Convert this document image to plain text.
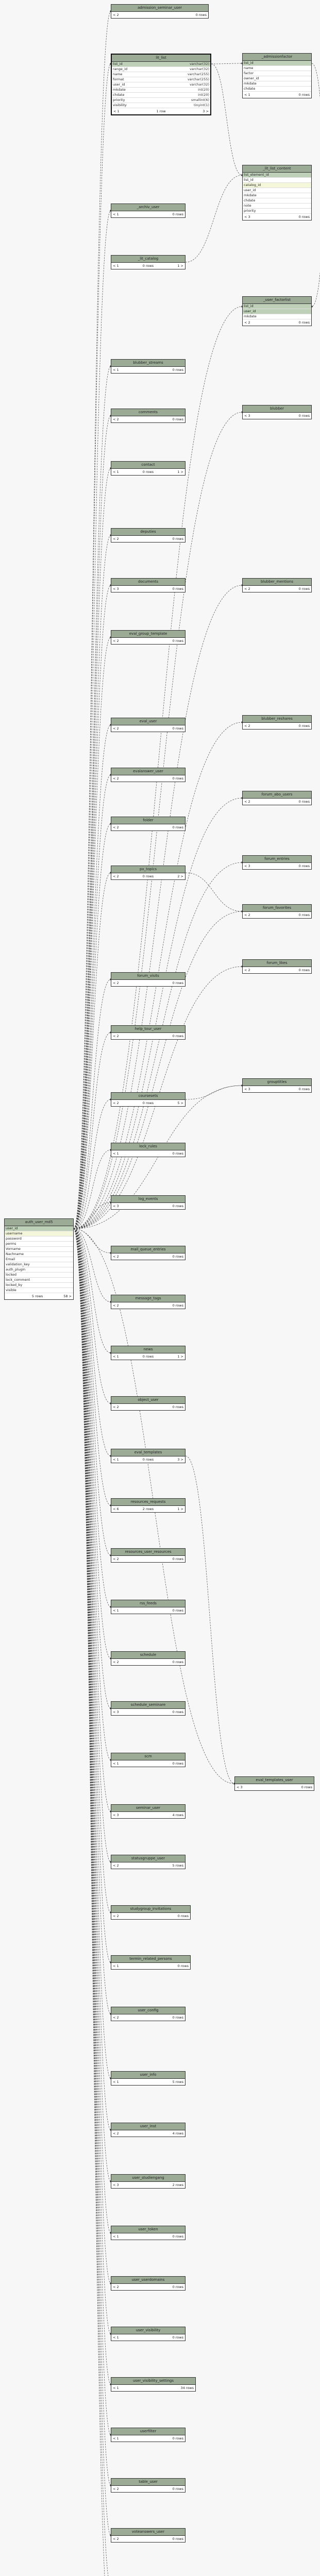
admission_seminar_user
< 2	0 rows
lit_list
list_id	varchar(32)
range_id	varchar(32)
name	varchar(255)
format	varchar(255)
user_id	varchar(32)
mkdate	int(20)
chdate	int(20)
priority	smallint(6)
visibility	tinyint(1)
< 1	1 row	3 >
_admissionfactor
list_id
name
factor
owner_id
mkdate
chdate
< 1	0 rows
_lit_list_content
list_element_id
list_id
catalog_id
user_id
mkdate
chdate
note
priority
< 3	0 rows
_archiv_user
< 1	0 rows
_lit_catalog
< 1	0 rows	1 >
_user_factorlist
list_id
user_id
mkdate
< 2	0 rows
blubber_streams
< 1	0 rows
blubber
< 3	0 rows
comments
< 2	0 rows
contact
< 1	0 rows	1 >
deputies
< 2	0 rows
blubber_mentions
< 2	0 rows
documents
< 3	0 rows
eval_group_template
< 2	0 rows
blubber_reshares
< 2	0 rows
eval_user
< 2	0 rows
evalanswer_user
< 2	0 rows
forum_abo_users
< 2	0 rows
folder
< 2	0 rows
forum_entries
< 3	0 rows
px_topics
< 2	0 rows	2 >
forum_favorites
< 2	0 rows
forum_likes
< 2	0 rows
forum_visits
< 2	0 rows
help_tour_user
< 2	0 rows
grouptitles
< 3	0 rows
coursesets
< 2	0 rows	5 >
lock_rules
< 1	0 rows
log_events
< 3	0 rows
auth_user_md5
user_id
username
password
perms
Vorname
Nachname
Email
validation_key
auth_plugin
locked
lock_comment
locked_by
visible
5 rows	58 >
mail_queue_entries
< 2	0 rows
message_tags
< 2	0 rows
news
< 1	0 rows	1 >
object_user
< 2	0 rows
eval_templates
< 1	0 rows	3 >
resources_requests
< 6	2 rows	1 >
resources_user_resources
< 2	0 rows
rss_feeds
< 1	0 rows
schedule
< 2	0 rows
schedule_seminare
< 3	0 rows
eval_templates_user
< 3	0 rows
scm
< 1	0 rows
seminar_user
< 3	4 rows
statusgruppe_user
< 2	5 rows
studygroup_invitations
< 2	0 rows
termin_related_persons
< 1	0 rows
user_config
< 2	0 rows
user_info
< 1	5 rows
user_inst
< 2	4 rows
user_studiengang
< 3	2 rows
user_token
< 1	0 rows
user_userdomains
< 2	0 rows
user_visibility
< 1	0 rows
user_visibility_settings
< 1	34 rows
userfilter
< 1	0 rows
table_user
< 2	0 rows
voteanswers_user
< 2	0 rows
